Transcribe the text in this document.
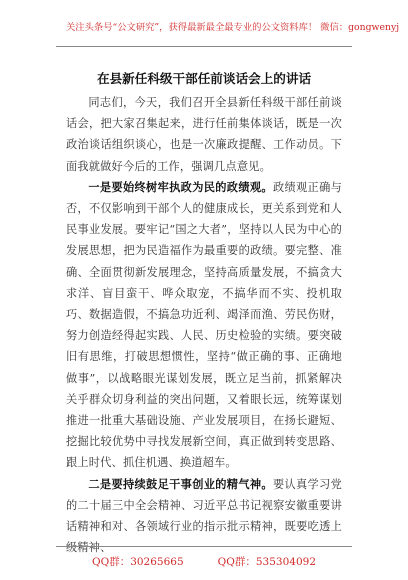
关注头条号“公文研究”，获得最新最全最专业的公文资料库！ 微信：gongwenyj
在县新任科级干部任前谈话会上的讲话

同志们，今天，我们召开全县新任科级干部任前谈话会，把大家召集起来，进行任前集体谈话，既是一次政治谈话组织谈心，也是一次廉政提醒、工作动员。下面我就做好今后的工作，强调几点意见。

一是要始终树牢执政为民的政绩观。政绩观正确与否，不仅影响到干部个人的健康成长，更关系到党和人民事业发展。要牢记“国之大者”，坚持以人民为中心的发展思想，把为民造福作为最重要的政绩。要完整、准确、全面贯彻新发展理念，坚持高质量发展，不搞贪大求洋、盲目蛮干、哗众取宠，不搞华而不实、投机取巧、数据造假，不搞急功近利、竭泽而渔、劳民伤财，努力创造经得起实践、人民、历史检验的实绩。要突破旧有思维，打破思想惯性，坚持“做正确的事、正确地做事”，以战略眼光谋划发展，既立足当前，抓紧解决关乎群众切身利益的突出问题，又着眼长远，统筹谋划推进一批重大基础设施、产业发展项目，在扬长避短、挖掘比较优势中寻找发展新空间，真正做到转变思路、跟上时代、抓住机遇、换道超车。

二是要持续鼓足干事创业的精气神。要认真学习党的二十届三中全会精神、习近平总书记视察安徽重要讲话精神和对、各领域行业的指示批示精神，既要吃透上级精神、

QQ群：30265665	QQ群：535304092
